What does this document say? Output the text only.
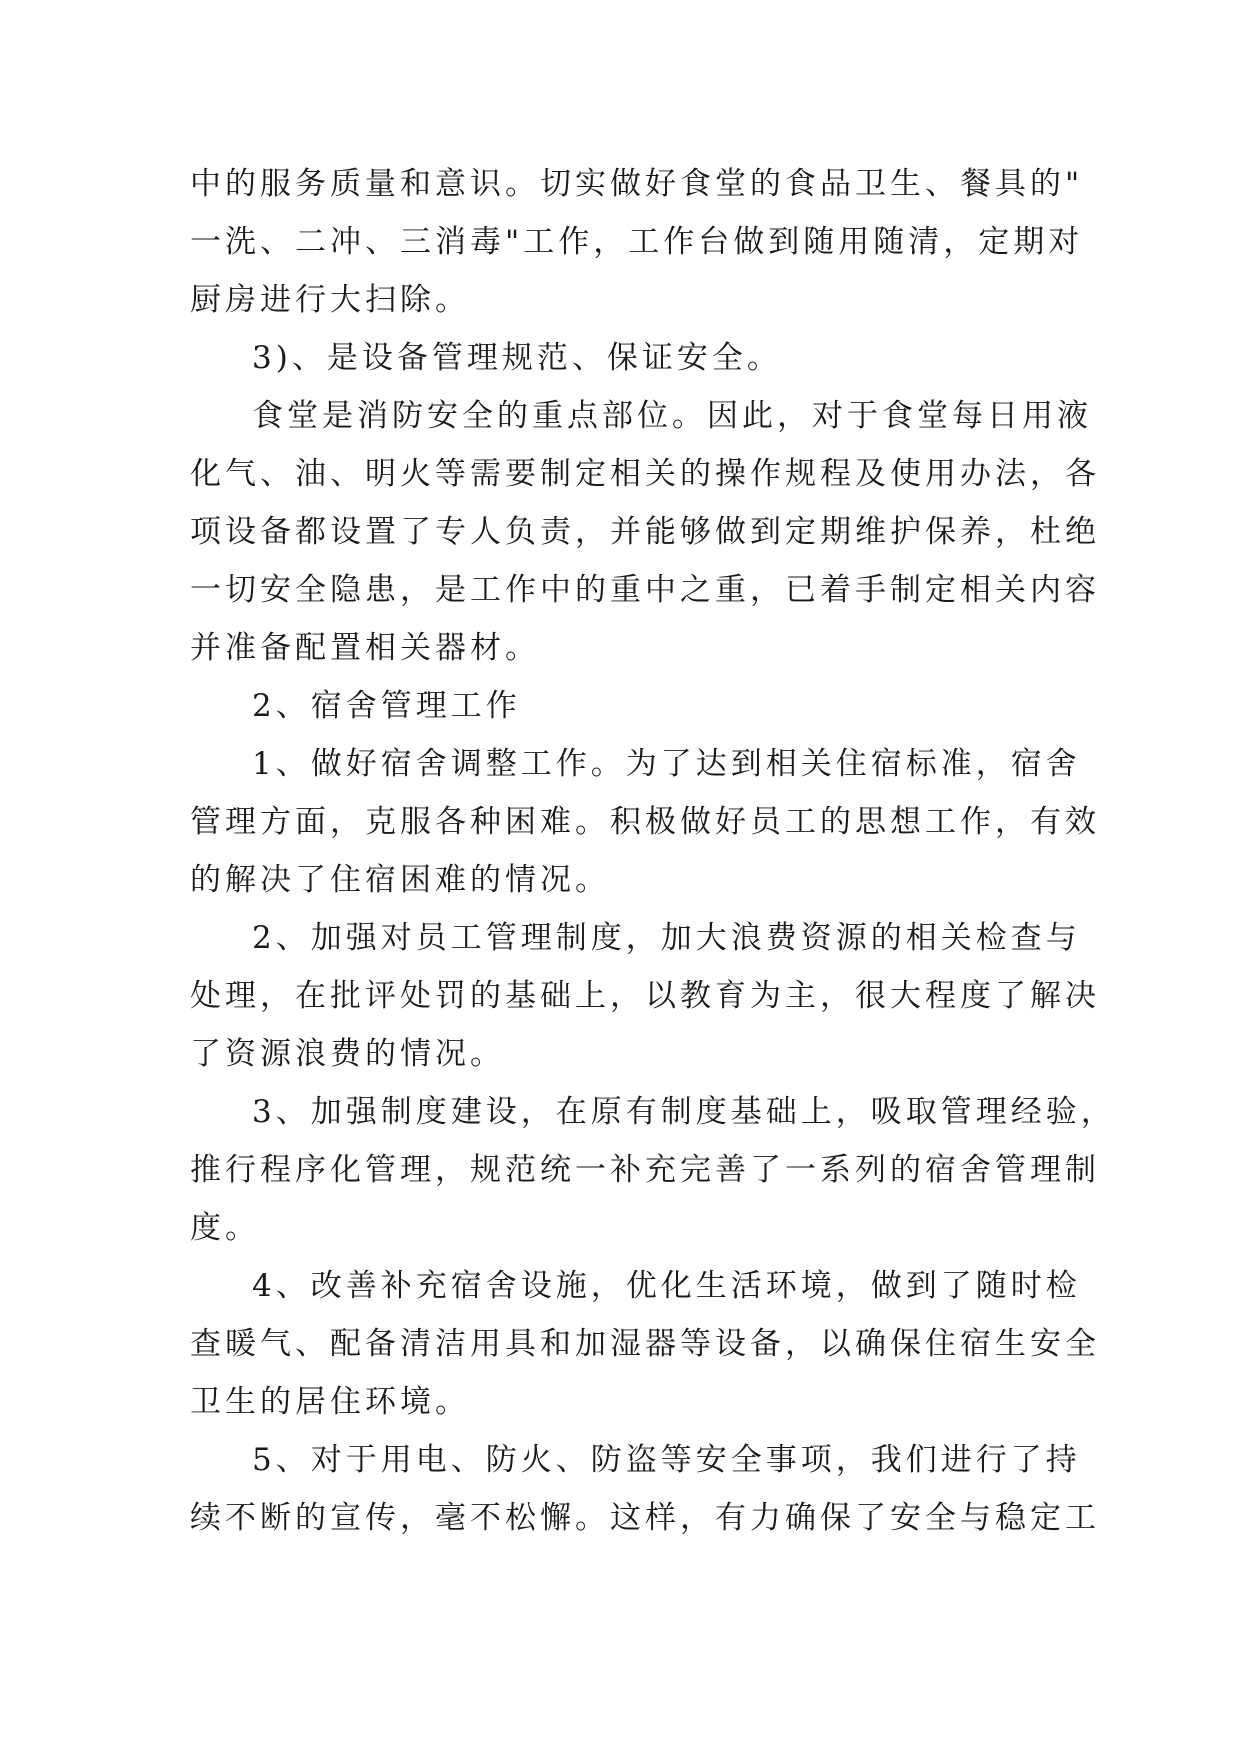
中的服务质量和意识。切实做好食堂的食品卫生、餐具的"
一洗、二冲、三消毒"工作，工作台做到随用随清，定期对
厨房进行大扫除。
3)、是设备管理规范、保证安全。
食堂是消防安全的重点部位。因此，对于食堂每日用液
化气、油、明火等需要制定相关的操作规程及使用办法，各
项设备都设置了专人负责，并能够做到定期维护保养，杜绝
一切安全隐患，是工作中的重中之重，已着手制定相关内容
并准备配置相关器材。
2、宿舍管理工作
1、做好宿舍调整工作。为了达到相关住宿标准，宿舍
管理方面，克服各种困难。积极做好员工的思想工作，有效
的解决了住宿困难的情况。
2、加强对员工管理制度，加大浪费资源的相关检查与
处理，在批评处罚的基础上，以教育为主，很大程度了解决
了资源浪费的情况。
3、加强制度建设，在原有制度基础上，吸取管理经验，
推行程序化管理，规范统一补充完善了一系列的宿舍管理制
度。
4、改善补充宿舍设施，优化生活环境，做到了随时检
查暖气、配备清洁用具和加湿器等设备，以确保住宿生安全
卫生的居住环境。
5、对于用电、防火、防盗等安全事项，我们进行了持
续不断的宣传，毫不松懈。这样，有力确保了安全与稳定工
